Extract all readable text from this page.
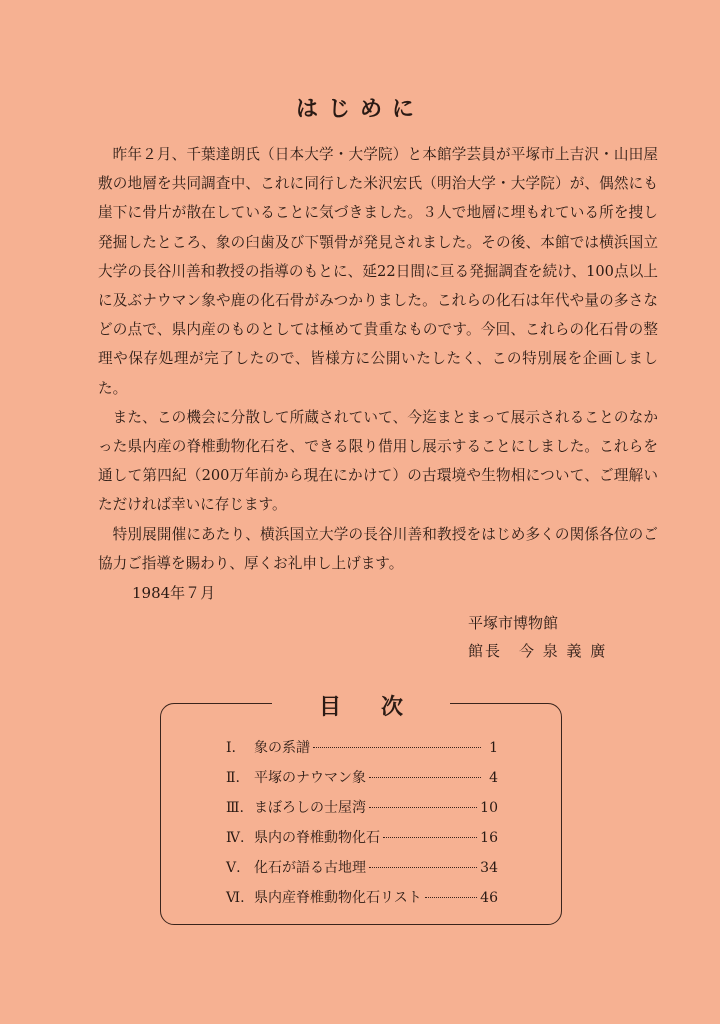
はじめに

昨年２月、千葉達朗氏（日本大学・大学院）と本館学芸員が平塚市上吉沢・山田屋敷の地層を共同調査中、これに同行した米沢宏氏（明治大学・大学院）が、偶然にも崖下に骨片が散在していることに気づきました。３人で地層に埋もれている所を捜し発掘したところ、象の臼歯及び下顎骨が発見されました。その後、本館では横浜国立大学の長谷川善和教授の指導のもとに、延22日間に亘る発掘調査を続け、100点以上に及ぶナウマン象や鹿の化石骨がみつかりました。これらの化石は年代や量の多さなどの点で、県内産のものとしては極めて貴重なものです。今回、これらの化石骨の整理や保存処理が完了したので、皆様方に公開いたしたく、この特別展を企画しました。

また、この機会に分散して所蔵されていて、今迄まとまって展示されることのなかった県内産の脊椎動物化石を、できる限り借用し展示することにしました。これらを通して第四紀（200万年前から現在にかけて）の古環境や生物相について、ご理解いただければ幸いに存じます。

特別展開催にあたり、横浜国立大学の長谷川善和教授をはじめ多くの関係各位のご協力ご指導を賜わり、厚くお礼申し上げます。

1984年７月
平塚市博物館
館長　今 泉 義 廣
目次
Ⅰ.	象の系譜	1
Ⅱ.	平塚のナウマン象	4
Ⅲ. まぼろしの士屋湾	10
Ⅳ. 県内の脊椎動物化石	16
Ⅴ. 化石が語る古地理	34
Ⅵ. 県内産脊椎動物化石リスト	46
